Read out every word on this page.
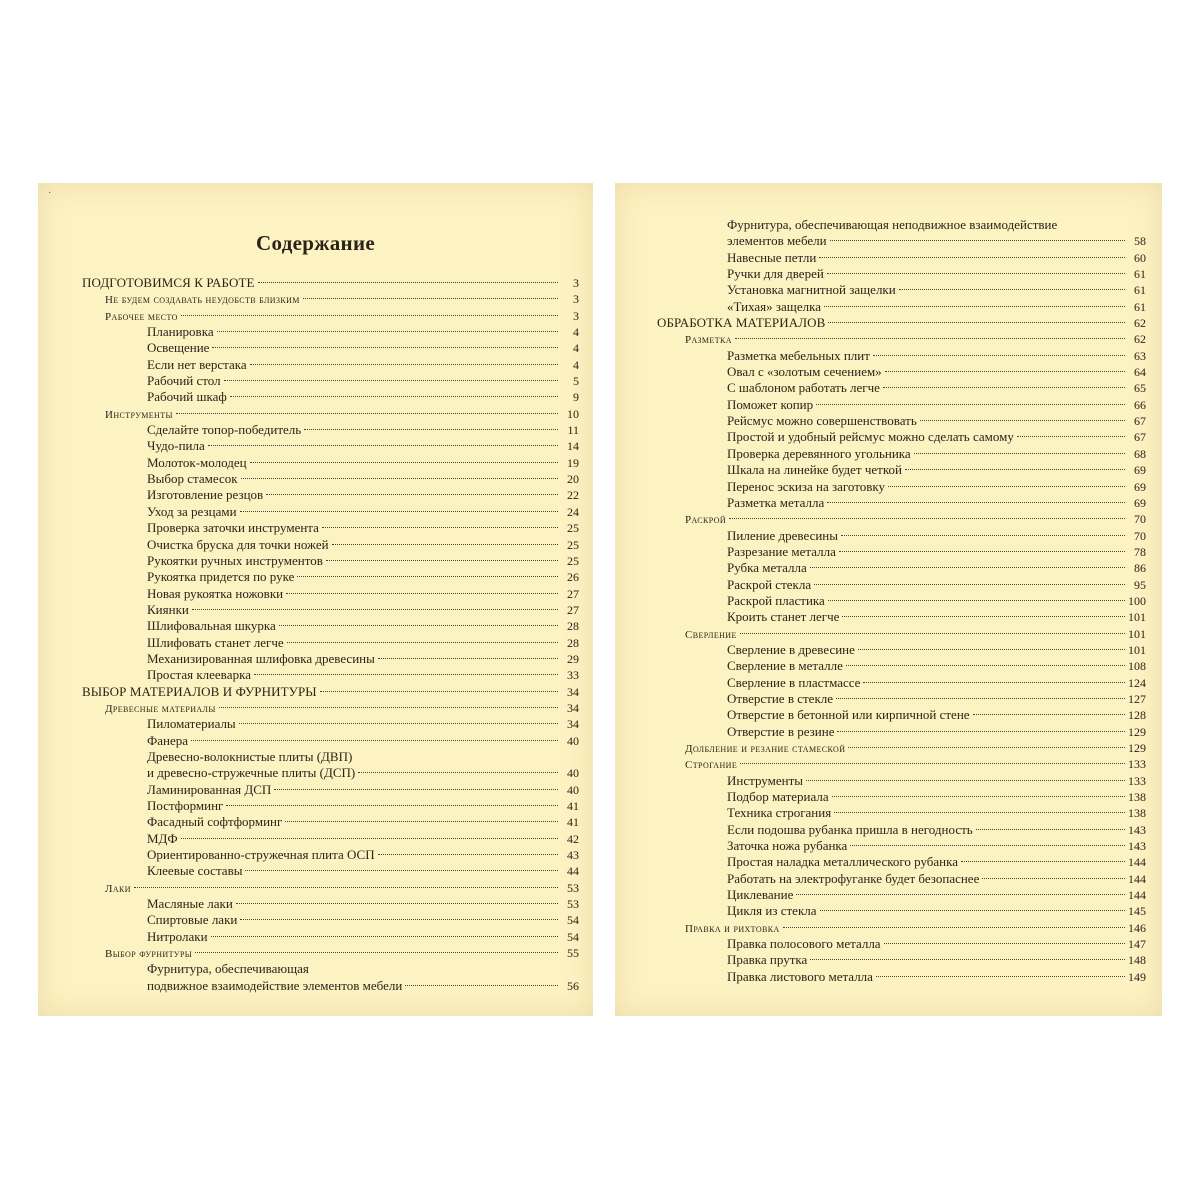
·
Содержание
ПОДГОТОВИМСЯ К РАБОТЕ	3
Не будем создавать неудобств близким	3
Рабочее место	3
Планировка	4
Освещение	4
Если нет верстака	4
Рабочий стол	5
Рабочий шкаф	9
Инструменты	10
Сделайте топор-победитель	11
Чудо-пила	14
Молоток-молодец	19
Выбор стамесок	20
Изготовление резцов	22
Уход за резцами	24
Проверка заточки инструмента	25
Очистка бруска для точки ножей	25
Рукоятки ручных инструментов	25
Рукоятка придется по руке	26
Новая рукоятка ножовки	27
Киянки	27
Шлифовальная шкурка	28
Шлифовать станет легче	28
Механизированная шлифовка древесины	29
Простая клеевaрка	33
ВЫБОР МАТЕРИАЛОВ И ФУРНИТУРЫ	34
Древесные материалы	34
Пиломатериалы	34
Фанера	40
Древесно-волокнистые плиты (ДВП)
и древесно-стружечные плиты (ДСП)	40
Ламинированная ДСП	40
Постформинг	41
Фасадный софтформинг	41
МДФ	42
Ориентированно-стружечная плита ОСП	43
Клеевые составы	44
Лаки	53
Масляные лаки	53
Спиртовые лаки	54
Нитролаки	54
Выбор фурнитуры	55
Фурнитура, обеспечивающая
подвижное взаимодействие элементов мебели	56
Фурнитура, обеспечивающая неподвижное взаимодействие
элементов мебели	58
Навесные петли	60
Ручки для дверей	61
Установка магнитной защелки	61
«Тихая» защелка	61
ОБРАБОТКА МАТЕРИАЛОВ	62
Разметка	62
Разметка мебельных плит	63
Овал с «золотым сечением»	64
С шаблоном работать легче	65
Поможет копир	66
Рейсмус можно совершенствовать	67
Простой и удобный рейсмус можно сделать самому	67
Проверка деревянного угольника	68
Шкала на линейке будет четкой	69
Перенос эскиза на заготовку	69
Разметка металла	69
Раскрой	70
Пиление древесины	70
Разрезание металла	78
Рубка металла	86
Раскрой стекла	95
Раскрой пластика	100
Кроить станет легче	101
Сверление	101
Сверление в древесине	101
Сверление в металле	108
Сверление в пластмассе	124
Отверстие в стекле	127
Отверстие в бетонной или кирпичной стене	128
Отверстие в резине	129
Долбление и резание стамеской	129
Строгание	133
Инструменты	133
Подбор материала	138
Техника строгания	138
Если подошва рубанка пришла в негодность	143
Заточка ножа рубанка	143
Простая наладка металлического рубанка	144
Работать на электрофуганке будет безопаснее	144
Циклевание	144
Цикля из стекла	145
Правка и рихтовка	146
Правка полосового металла	147
Правка прутка	148
Правка листового металла	149
